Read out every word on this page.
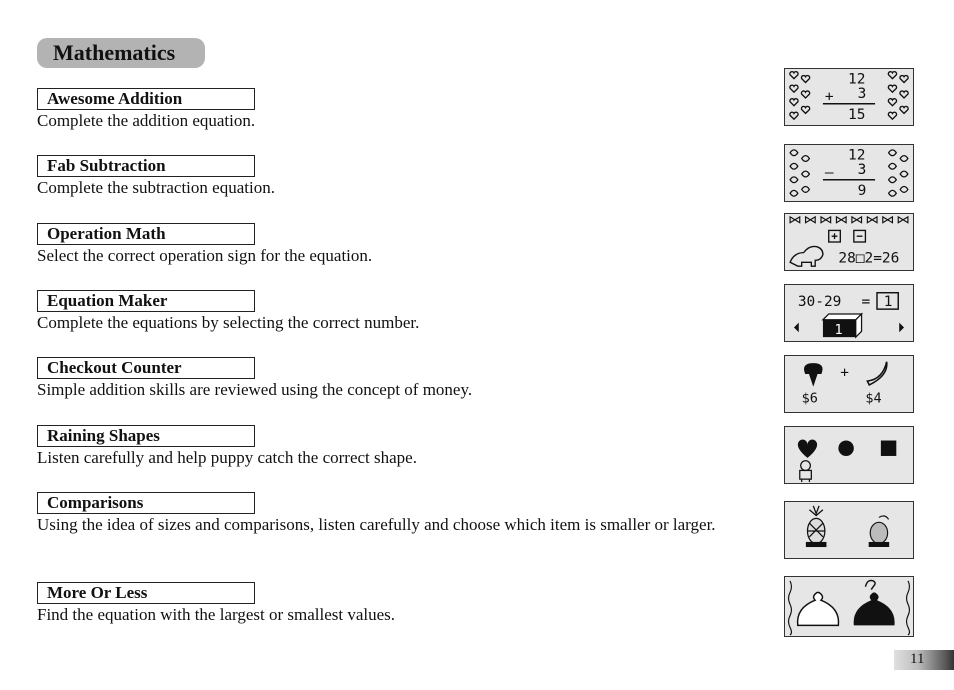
Mathematics
Awesome Addition
Complete the addition equation.
Fab Subtraction
Complete the subtraction equation.
Operation Math
Select the correct operation sign for the equation.
Equation Maker
Complete the equations by selecting the correct number.
Checkout Counter
Simple addition skills are reviewed using the concept of money.
Raining Shapes
Listen carefully and help puppy catch the correct shape.
Comparisons
Using the idea of sizes and comparisons, listen carefully and choose which item is smaller or larger.
More Or Less
Find the equation with the largest or smallest values.
12
+ 3
15
12
– 3
9
28□2=26
30-29 = 1
1
+
$6	$4
11
